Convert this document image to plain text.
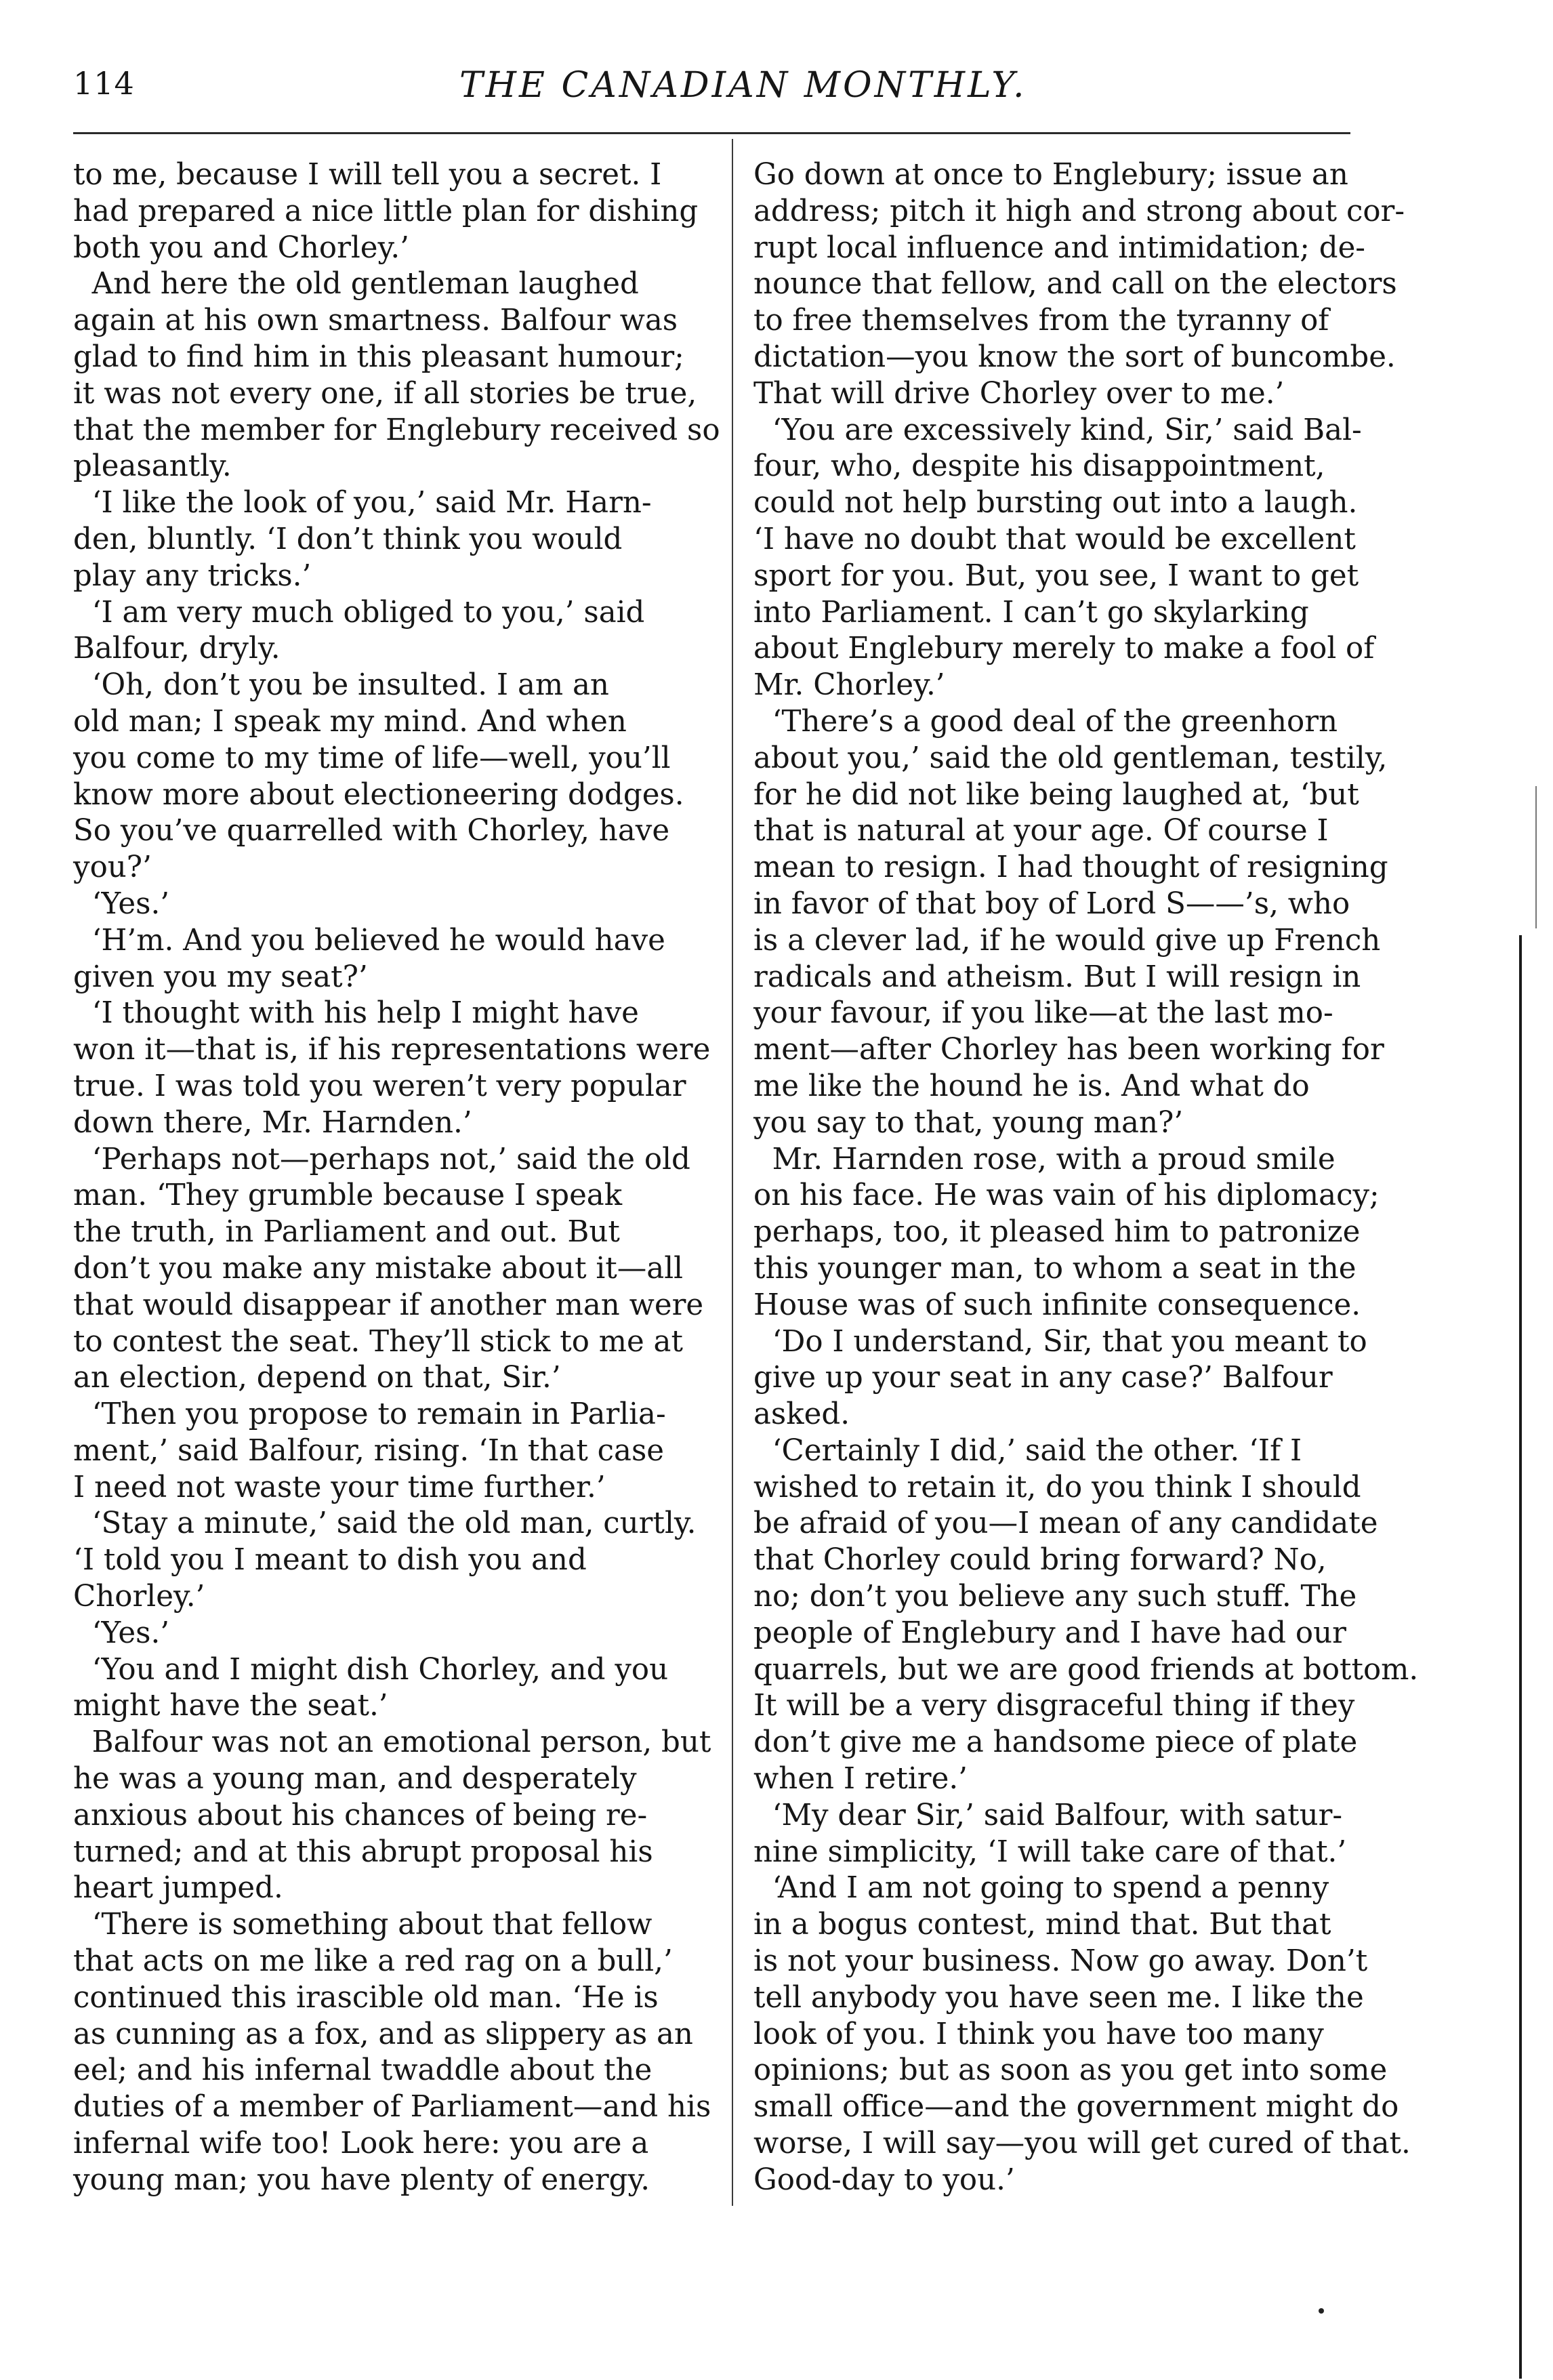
114	THE CANADIAN MONTHLY.
to me, because I will tell you a secret. I
had prepared a nice little plan for dishing
both you and Chorley.’
And here the old gentleman laughed
again at his own smartness. Balfour was
glad to find him in this pleasant humour;
it was not every one, if all stories be true,
that the member for Englebury received so
pleasantly.
‘I like the look of you,’ said Mr. Harn-
den, bluntly. ‘I don’t think you would
play any tricks.’
‘I am very much obliged to you,’ said
Balfour, dryly.
‘Oh, don’t you be insulted. I am an
old man; I speak my mind. And when
you come to my time of life—well, you’ll
know more about electioneering dodges.
So you’ve quarrelled with Chorley, have
you?’
‘Yes.’
‘H’m. And you believed he would have
given you my seat?’
‘I thought with his help I might have
won it—that is, if his representations were
true. I was told you weren’t very popular
down there, Mr. Harnden.’
‘Perhaps not—perhaps not,’ said the old
man. ‘They grumble because I speak
the truth, in Parliament and out. But
don’t you make any mistake about it—all
that would disappear if another man were
to contest the seat. They’ll stick to me at
an election, depend on that, Sir.’
‘Then you propose to remain in Parlia-
ment,’ said Balfour, rising. ‘In that case
I need not waste your time further.’
‘Stay a minute,’ said the old man, curtly.
‘I told you I meant to dish you and
Chorley.’
‘Yes.’
‘You and I might dish Chorley, and you
might have the seat.’
Balfour was not an emotional person, but
he was a young man, and desperately
anxious about his chances of being re-
turned; and at this abrupt proposal his
heart jumped.
‘There is something about that fellow
that acts on me like a red rag on a bull,’
continued this irascible old man. ‘He is
as cunning as a fox, and as slippery as an
eel; and his infernal twaddle about the
duties of a member of Parliament—and his
infernal wife too! Look here: you are a
young man; you have plenty of energy.
Go down at once to Englebury; issue an
address; pitch it high and strong about cor-
rupt local influence and intimidation; de-
nounce that fellow, and call on the electors
to free themselves from the tyranny of
dictation—you know the sort of buncombe.
That will drive Chorley over to me.’
‘You are excessively kind, Sir,’ said Bal-
four, who, despite his disappointment,
could not help bursting out into a laugh.
‘I have no doubt that would be excellent
sport for you. But, you see, I want to get
into Parliament. I can’t go skylarking
about Englebury merely to make a fool of
Mr. Chorley.’
‘There’s a good deal of the greenhorn
about you,’ said the old gentleman, testily,
for he did not like being laughed at, ‘but
that is natural at your age. Of course I
mean to resign. I had thought of resigning
in favor of that boy of Lord S——’s, who
is a clever lad, if he would give up French
radicals and atheism. But I will resign in
your favour, if you like—at the last mo-
ment—after Chorley has been working for
me like the hound he is. And what do
you say to that, young man?’
Mr. Harnden rose, with a proud smile
on his face. He was vain of his diplomacy;
perhaps, too, it pleased him to patronize
this younger man, to whom a seat in the
House was of such infinite consequence.
‘Do I understand, Sir, that you meant to
give up your seat in any case?’ Balfour
asked.
‘Certainly I did,’ said the other. ‘If I
wished to retain it, do you think I should
be afraid of you—I mean of any candidate
that Chorley could bring forward? No,
no; don’t you believe any such stuff. The
people of Englebury and I have had our
quarrels, but we are good friends at bottom.
It will be a very disgraceful thing if they
don’t give me a handsome piece of plate
when I retire.’
‘My dear Sir,’ said Balfour, with satur-
nine simplicity, ‘I will take care of that.’
‘And I am not going to spend a penny
in a bogus contest, mind that. But that
is not your business. Now go away. Don’t
tell anybody you have seen me. I like the
look of you. I think you have too many
opinions; but as soon as you get into some
small office—and the government might do
worse, I will say—you will get cured of that.
Good-day to you.’
